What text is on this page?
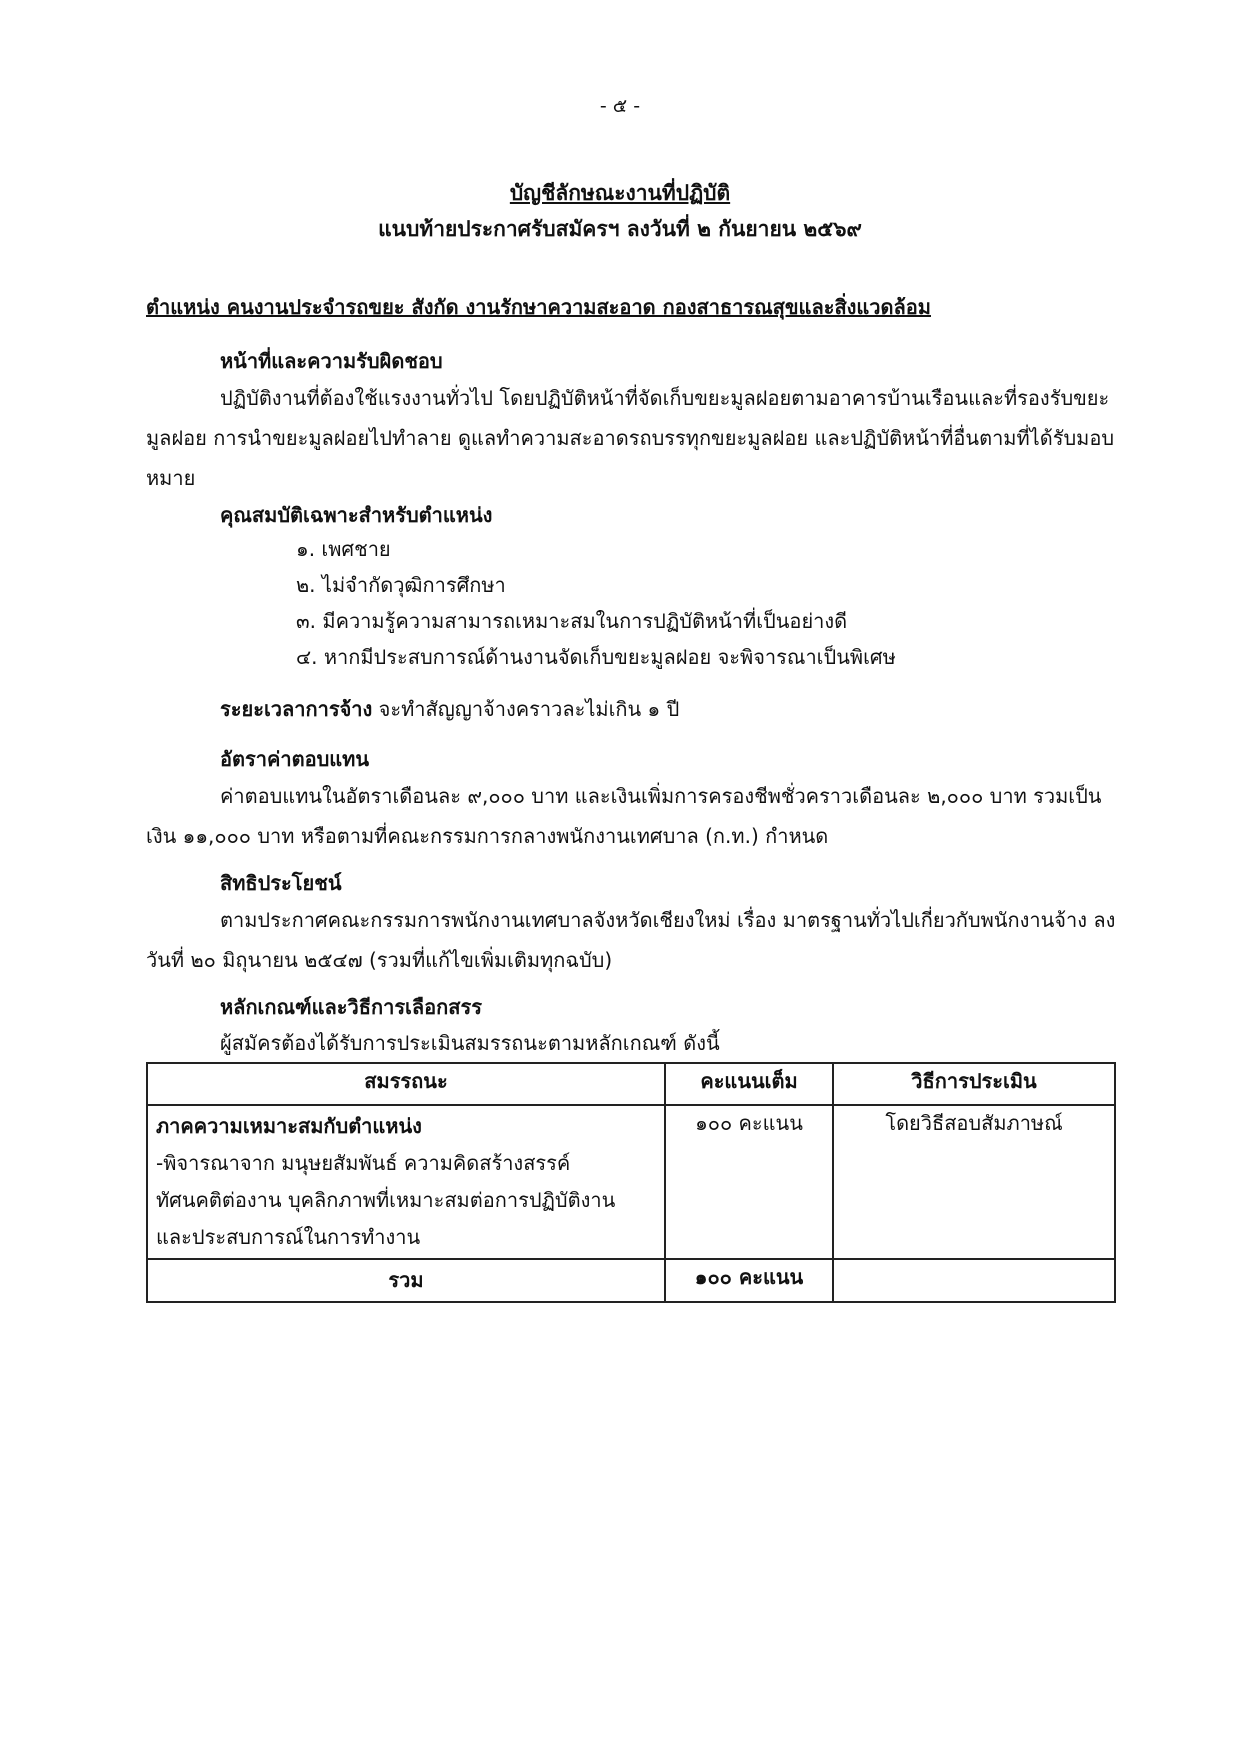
- ๕ -
บัญชีลักษณะงานที่ปฏิบัติ
แนบท้ายประกาศรับสมัครฯ ลงวันที่ ๒ กันยายน ๒๕๖๙
ตำแหน่ง คนงานประจำรถขยะ สังกัด งานรักษาความสะอาด กองสาธารณสุขและสิ่งแวดล้อม
หน้าที่และความรับผิดชอบ
ปฏิบัติงานที่ต้องใช้แรงงานทั่วไป โดยปฏิบัติหน้าที่จัดเก็บขยะมูลฝอยตามอาคารบ้านเรือนและที่รองรับขยะมูลฝอย การนำขยะมูลฝอยไปทำลาย ดูแลทำความสะอาดรถบรรทุกขยะมูลฝอย และปฏิบัติหน้าที่อื่นตามที่ได้รับมอบหมาย
คุณสมบัติเฉพาะสำหรับตำแหน่ง
๑. เพศชาย
๒. ไม่จำกัดวุฒิการศึกษา
๓. มีความรู้ความสามารถเหมาะสมในการปฏิบัติหน้าที่เป็นอย่างดี
๔. หากมีประสบการณ์ด้านงานจัดเก็บขยะมูลฝอย จะพิจารณาเป็นพิเศษ
ระยะเวลาการจ้าง จะทำสัญญาจ้างคราวละไม่เกิน ๑ ปี
อัตราค่าตอบแทน
ค่าตอบแทนในอัตราเดือนละ ๙,๐๐๐ บาท และเงินเพิ่มการครองชีพชั่วคราวเดือนละ ๒,๐๐๐ บาท รวมเป็นเงิน ๑๑,๐๐๐ บาท หรือตามที่คณะกรรมการกลางพนักงานเทศบาล (ก.ท.) กำหนด
สิทธิประโยชน์
ตามประกาศคณะกรรมการพนักงานเทศบาลจังหวัดเชียงใหม่ เรื่อง มาตรฐานทั่วไปเกี่ยวกับพนักงานจ้าง ลงวันที่ ๒๐ มิถุนายน ๒๕๔๗ (รวมที่แก้ไขเพิ่มเติมทุกฉบับ)
หลักเกณฑ์และวิธีการเลือกสรร
ผู้สมัครต้องได้รับการประเมินสมรรถนะตามหลักเกณฑ์ ดังนี้
สมรรถนะ	คะแนนเต็ม	วิธีการประเมิน

ภาคความเหมาะสมกับตำแหน่ง
-พิจารณาจาก มนุษยสัมพันธ์ ความคิดสร้างสรรค์
ทัศนคติต่องาน บุคลิกภาพที่เหมาะสมต่อการปฏิบัติงาน
และประสบการณ์ในการทำงาน	๑๐๐ คะแนน	โดยวิธีสอบสัมภาษณ์
รวม	๑๐๐ คะแนน	
